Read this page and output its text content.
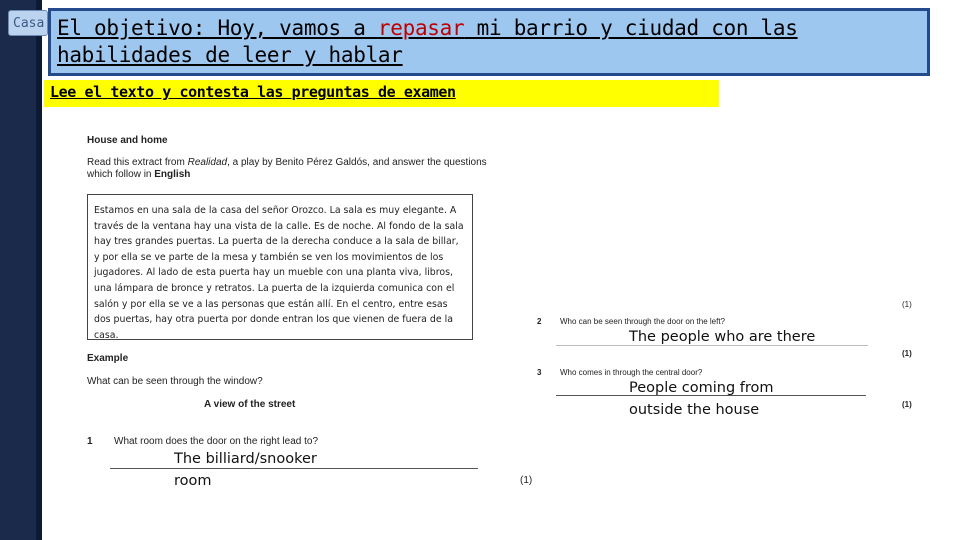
Casa El objetivo: Hoy, vamos a repasar mi barrio y ciudad con las habilidades de leer y hablar
Lee el texto y contesta las preguntas de examen
House and home
Read this extract from Realidad, a play by Benito Pérez Galdós, and answer the questions which follow in English
Estamos en una sala de la casa del señor Orozco. La sala es muy elegante. A través de la ventana hay una vista de la calle. Es de noche. Al fondo de la sala hay tres grandes puertas. La puerta de la derecha conduce a la sala de billar, y por ella se ve parte de la mesa y también se ven los movimientos de los jugadores. Al lado de esta puerta hay un mueble con una planta viva, libros, una lámpara de bronce y retratos. La puerta de la izquierda comunica con el salón y por ella se ve a las personas que están allí. En el centro, entre esas dos puertas, hay otra puerta por donde entran los que vienen de fuera de la casa.
Example
What can be seen through the window?
A view of the street
1 What room does the door on the right lead to?
The billiard/snooker room	(1)
(1)
2 Who can be seen through the door on the left?
The people who are there
(1)
3 Who comes in through the central door?
People coming from outside the house	(1)
